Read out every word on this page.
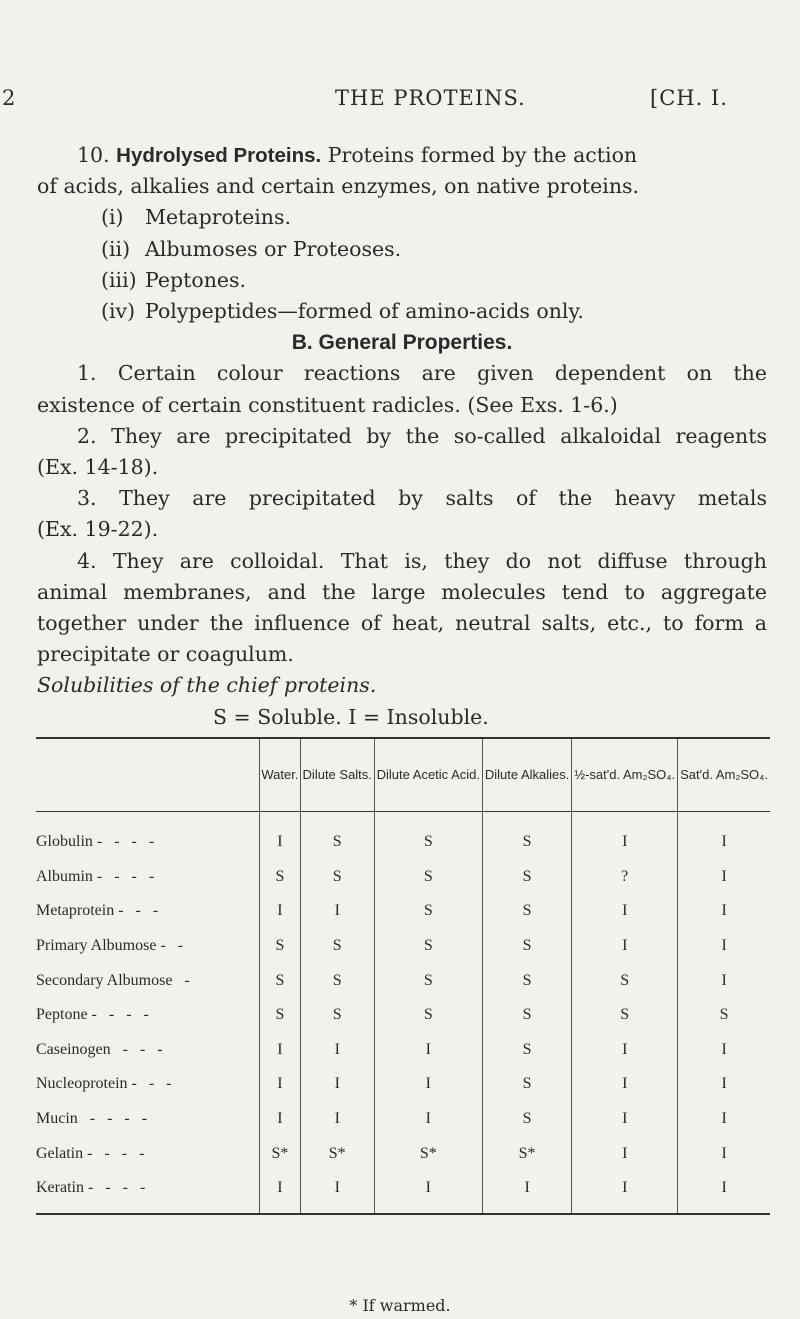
2	THE PROTEINS.	[CH. I.

10. Hydrolysed Proteins. Proteins formed by the action

of acids, alkalies and certain enzymes, on native proteins.

(i) Metaproteins.

(ii) Albumoses or Proteoses.

(iii) Peptones.

(iv) Polypeptides—formed of amino-acids only.

B. General Properties.

1. Certain colour reactions are given dependent on the

existence of certain constituent radicles. (See Exs. 1-6.)

2. They are precipitated by the so-called alkaloidal reagents

(Ex. 14-18).

3. They are precipitated by salts of the heavy metals

(Ex. 19-22).

4. They are colloidal. That is, they do not diffuse through

animal membranes, and the large molecules tend to aggregate

together under the influence of heat, neutral salts, etc., to form a

precipitate or coagulum.

Solubilities of the chief proteins.

S = Soluble. I = Insoluble.

	Water.	Dilute Salts.	Dilute Acetic Acid.	Dilute Alkalies.	½-sat'd. Am₂SO₄.	Sat'd. Am₂SO₄.
Globulin -   -   -   -	I	S	S	S	I	I
Albumin -   -   -   -	S	S	S	S	?	I
Metaprotein -   -   -	I	I	S	S	I	I
Primary Albumose -   -	S	S	S	S	I	I
Secondary Albumose   -	S	S	S	S	S	I
Peptone -   -   -   -	S	S	S	S	S	S
Caseinogen   -   -   -	I	I	I	S	I	I
Nucleoprotein -   -   -	I	I	I	S	I	I
Mucin   -   -   -   -	I	I	I	S	I	I
Gelatin -   -   -   -	S*	S*	S*	S*	I	I
Keratin -   -   -   -	I	I	I	I	I	I
* If warmed.
